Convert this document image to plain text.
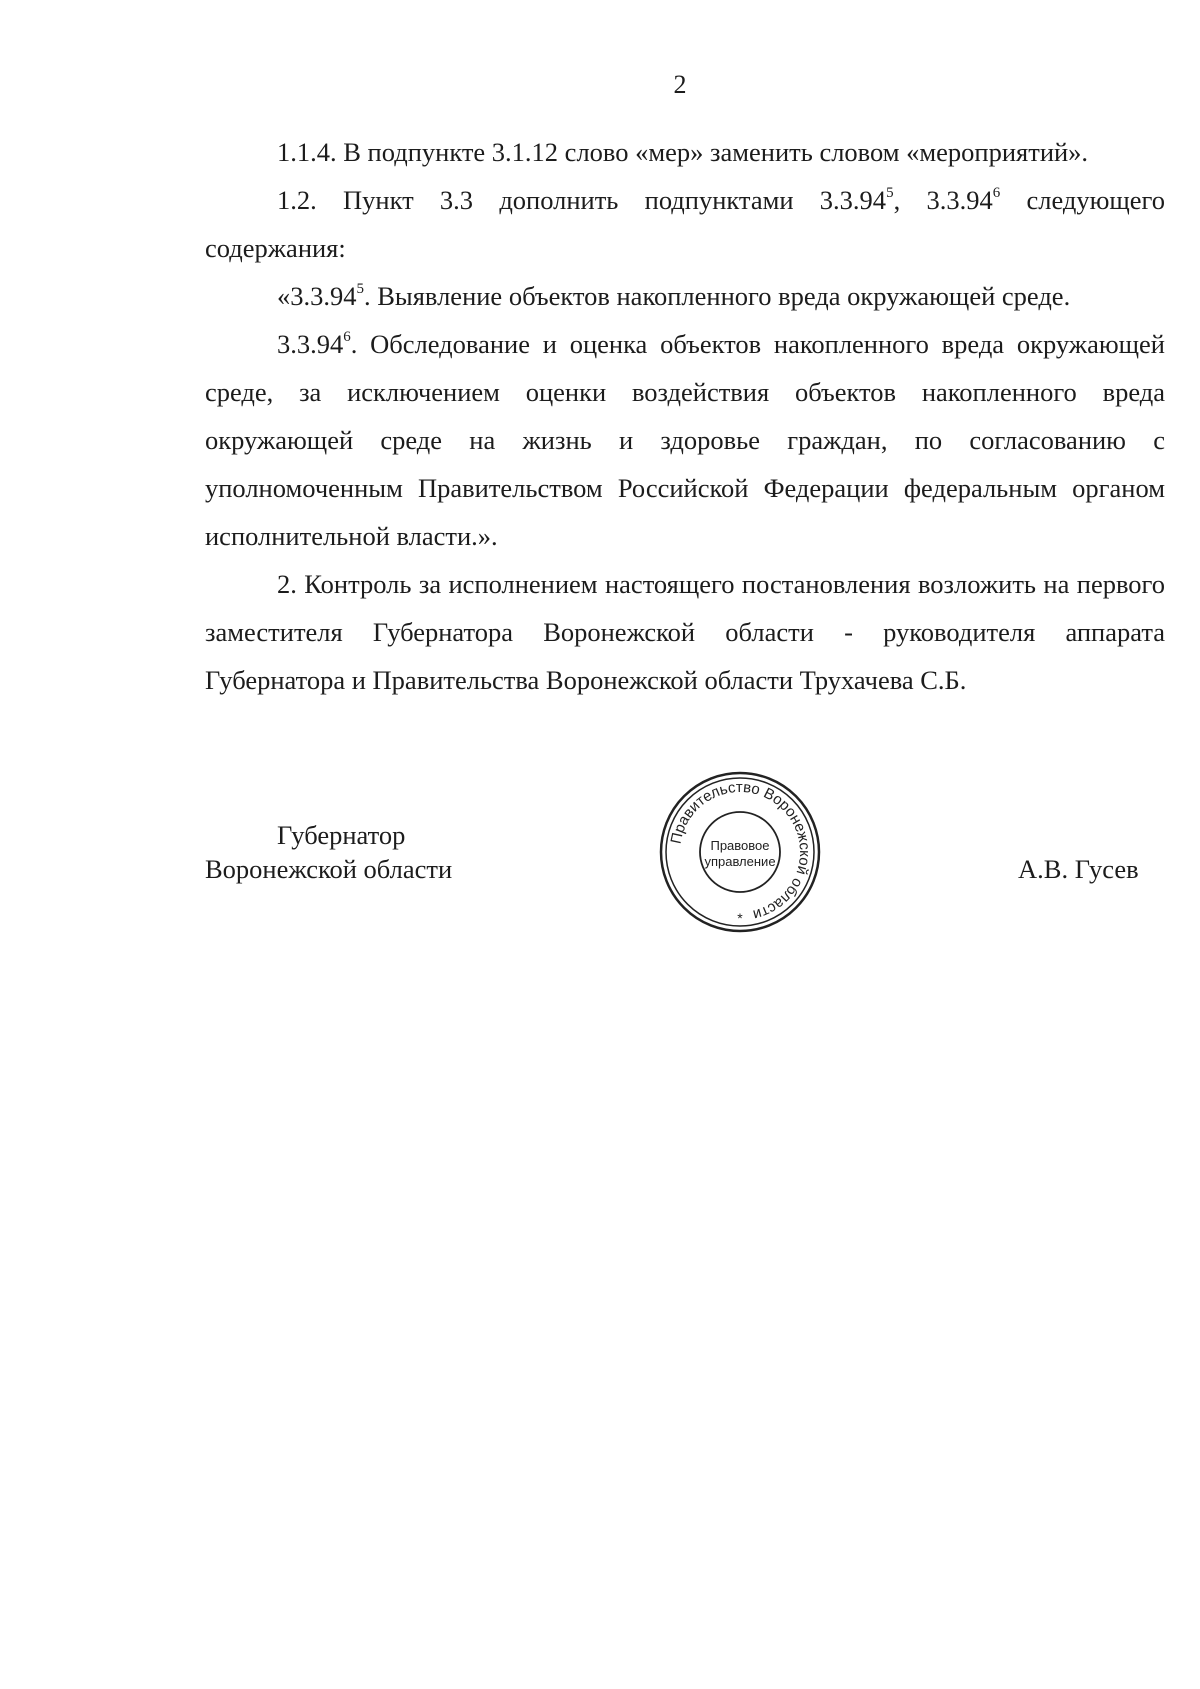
2

1.1.4. В подпункте 3.1.12 слово «мер» заменить словом «мероприятий».

1.2. Пункт 3.3 дополнить подпунктами 3.3.94$^5$, 3.3.94$^6$ следующего содержания:

«3.3.94$^5$. Выявление объектов накопленного вреда окружающей среде.

3.3.94$^6$. Обследование и оценка объектов накопленного вреда окружающей среде, за исключением оценки воздействия объектов накопленного вреда окружающей среде на жизнь и здоровье граждан, по согласованию с уполномоченным Правительством Российской Федерации федеральным органом исполнительной власти.».

2. Контроль за исполнением настоящего постановления возложить на первого заместителя Губернатора Воронежской области - руководителя аппарата Губернатора и Правительства Воронежской области Трухачева С.Б.

Губернатор
Воронежской области	А.В. Гусев
Правительство Воронежской области
Правовое
управление
*
